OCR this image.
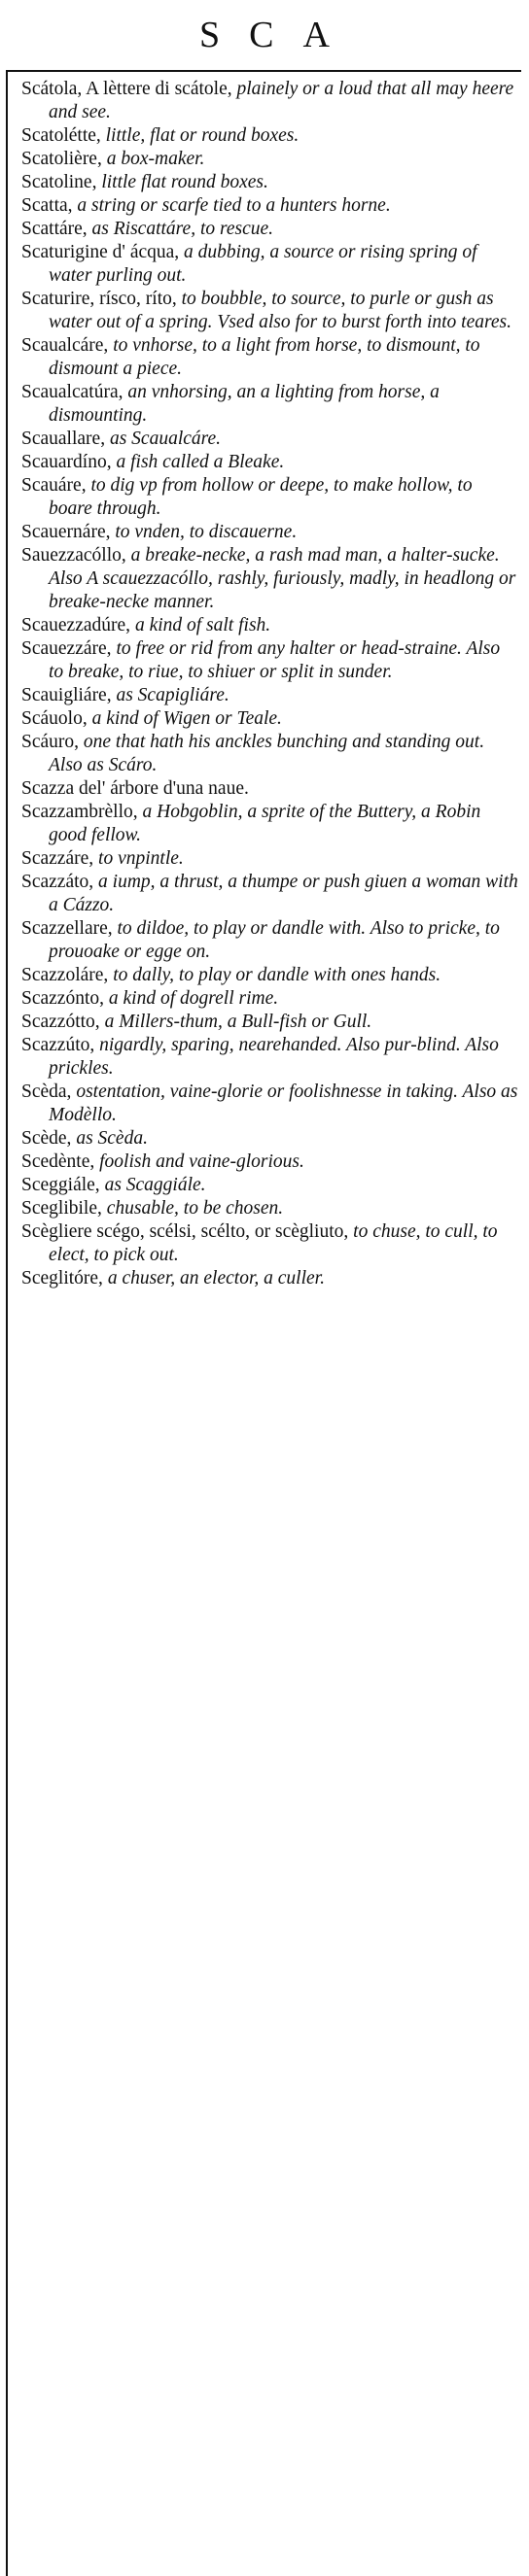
SCA

Scátola, A lèttere di scátole, plainely or a loud that all may heere and see.

Scatolétte, little, flat or round boxes.

Scatolière, a box-maker.

Scatoline, little flat round boxes.

Scatta, a string or scarfe tied to a hunters horne.

Scattáre, as Riscattáre, to rescue.

Scaturigine d' ácqua, a dubbing, a source or rising spring of water purling out.

Scaturire, rísco, ríto, to boubble, to source, to purle or gush as water out of a spring. Vsed also for to burst forth into teares.

Scaualcáre, to vnhorse, to a light from horse, to dismount, to dismount a piece.

Scaualcatúra, an vnhorsing, an a lighting from horse, a dismounting.

Scauallare, as Scaualcáre.

Scauardíno, a fish called a Bleake.

Scauáre, to dig vp from hollow or deepe, to make hollow, to boare through.

Scauernáre, to vnden, to discauerne.

Sauezzacóllo, a breake-necke, a rash mad man, a halter-sucke. Also A scauezzacóllo, rashly, furiously, madly, in headlong or breake-necke manner.

Scauezzadúre, a kind of salt fish.

Scauezzáre, to free or rid from any halter or head-straine. Also to breake, to riue, to shiuer or split in sunder.

Scauigliáre, as Scapigliáre.

Scáuolo, a kind of Wigen or Teale.

Scáuro, one that hath his anckles bunching and standing out. Also as Scáro.

Scazza del' árbore d'una naue.

Scazzambrèllo, a Hobgoblin, a sprite of the Buttery, a Robin good fellow.

Scazzáre, to vnpintle.

Scazzáto, a iump, a thrust, a thumpe or push giuen a woman with a Cázzo.

Scazzellare, to dildoe, to play or dandle with. Also to pricke, to prouoake or egge on.

Scazzoláre, to dally, to play or dandle with ones hands.

Scazzónto, a kind of dogrell rime.

Scazzótto, a Millers-thum, a Bull-fish or Gull.

Scazzúto, nigardly, sparing, nearehanded. Also pur-blind. Also prickles.

Scèda, ostentation, vaine-glorie or foolishnesse in taking. Also as Modèllo.

Scède, as Scèda.

Scedènte, foolish and vaine-glorious.

Sceggiále, as Scaggiále.

Sceglibile, chusable, to be chosen.

Scègliere scégo, scélsi, scélto, or scègliuto, to chuse, to cull, to elect, to pick out.

Sceglitóre, a chuser, an elector, a culler.
